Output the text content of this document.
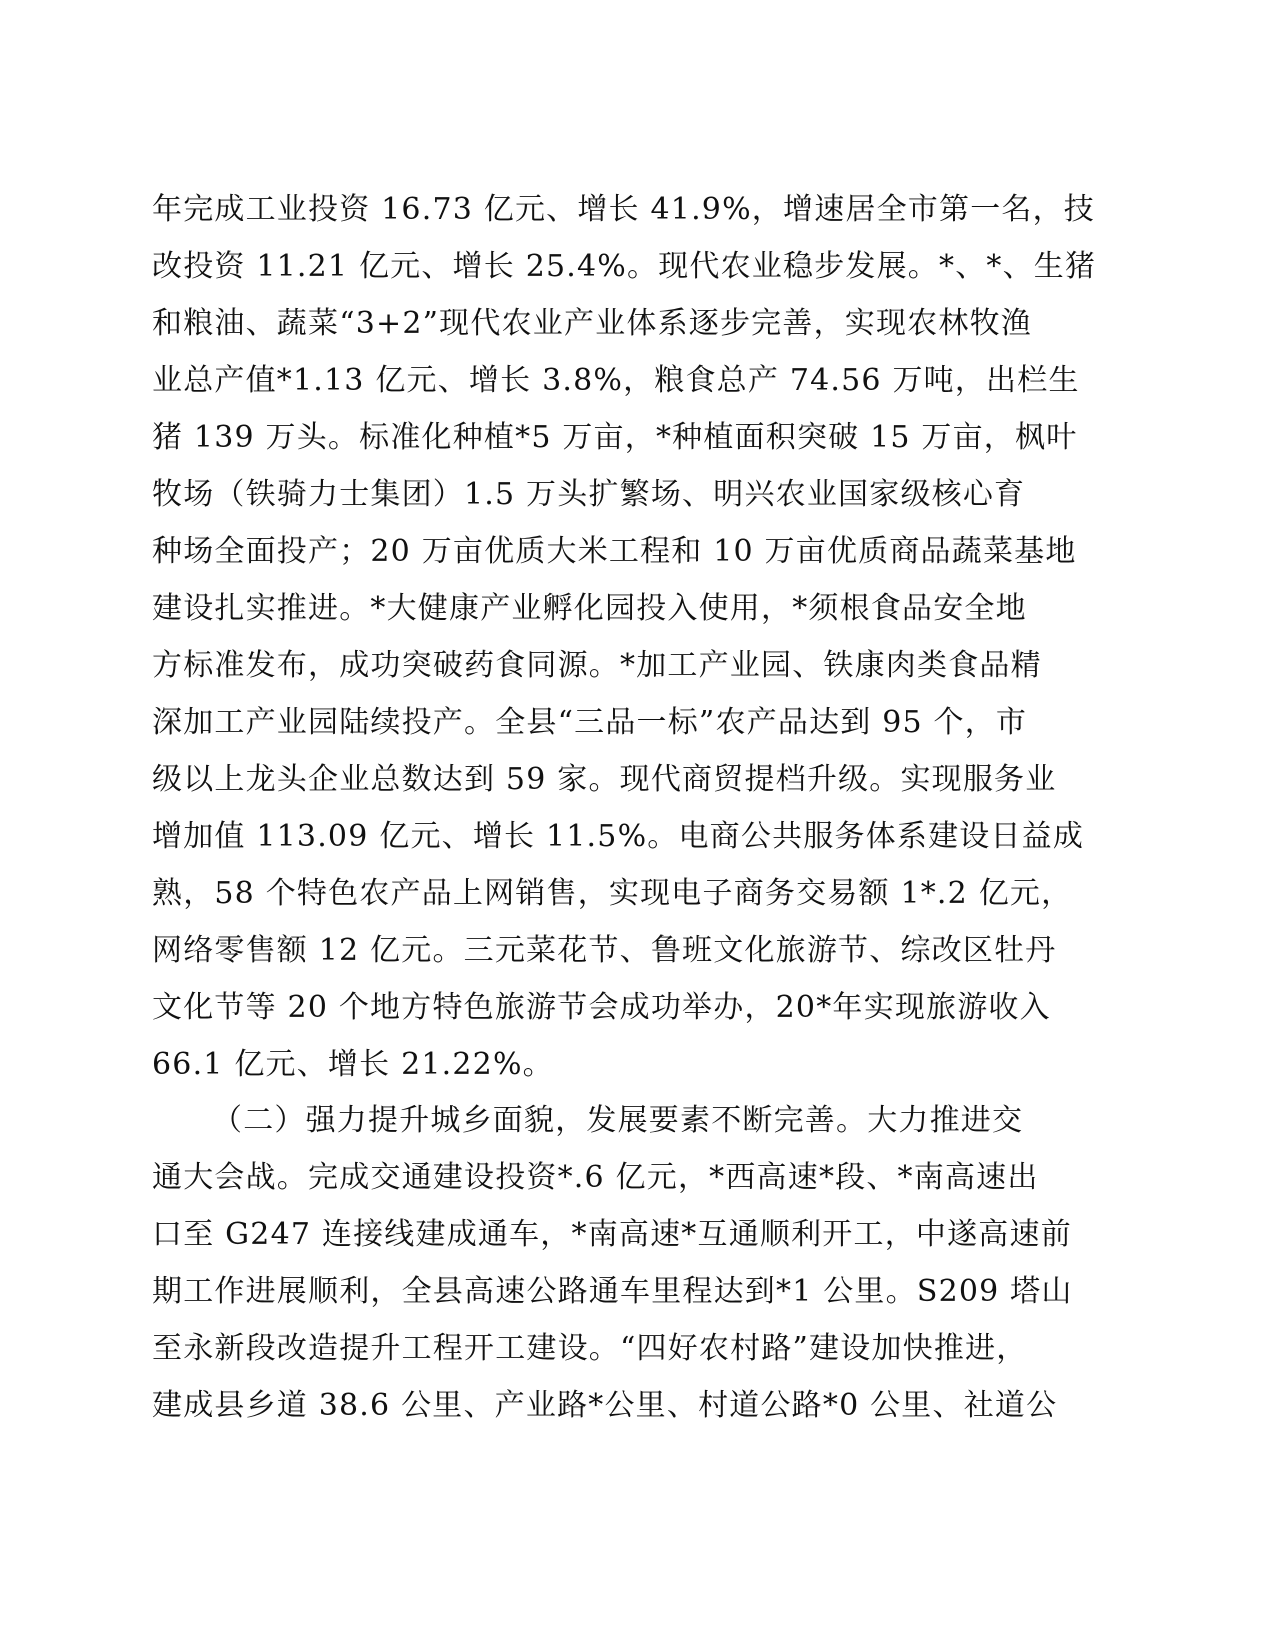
年完成工业投资 16.73 亿元、增长 41.9%，增速居全市第一名，技
改投资 11.21 亿元、增长 25.4%。现代农业稳步发展。*、*、生猪
和粮油、蔬菜“3+2”现代农业产业体系逐步完善，实现农林牧渔
业总产值*1.13 亿元、增长 3.8%，粮食总产 74.56 万吨，出栏生
猪 139 万头。标准化种植*5 万亩，*种植面积突破 15 万亩，枫叶
牧场（铁骑力士集团）1.5 万头扩繁场、明兴农业国家级核心育
种场全面投产；20 万亩优质大米工程和 10 万亩优质商品蔬菜基地
建设扎实推进。*大健康产业孵化园投入使用，*须根食品安全地
方标准发布，成功突破药食同源。*加工产业园、铁康肉类食品精
深加工产业园陆续投产。全县“三品一标”农产品达到 95 个，市
级以上龙头企业总数达到 59 家。现代商贸提档升级。实现服务业
增加值 113.09 亿元、增长 11.5%。电商公共服务体系建设日益成
熟，58 个特色农产品上网销售，实现电子商务交易额 1*.2 亿元，
网络零售额 12 亿元。三元菜花节、鲁班文化旅游节、综改区牡丹
文化节等 20 个地方特色旅游节会成功举办，20*年实现旅游收入
66.1 亿元、增长 21.22%。
（二）强力提升城乡面貌，发展要素不断完善。大力推进交
通大会战。完成交通建设投资*.6 亿元，*西高速*段、*南高速出
口至 G247 连接线建成通车，*南高速*互通顺利开工，中遂高速前
期工作进展顺利，全县高速公路通车里程达到*1 公里。S209 塔山
至永新段改造提升工程开工建设。“四好农村路”建设加快推进，
建成县乡道 38.6 公里、产业路*公里、村道公路*0 公里、社道公
